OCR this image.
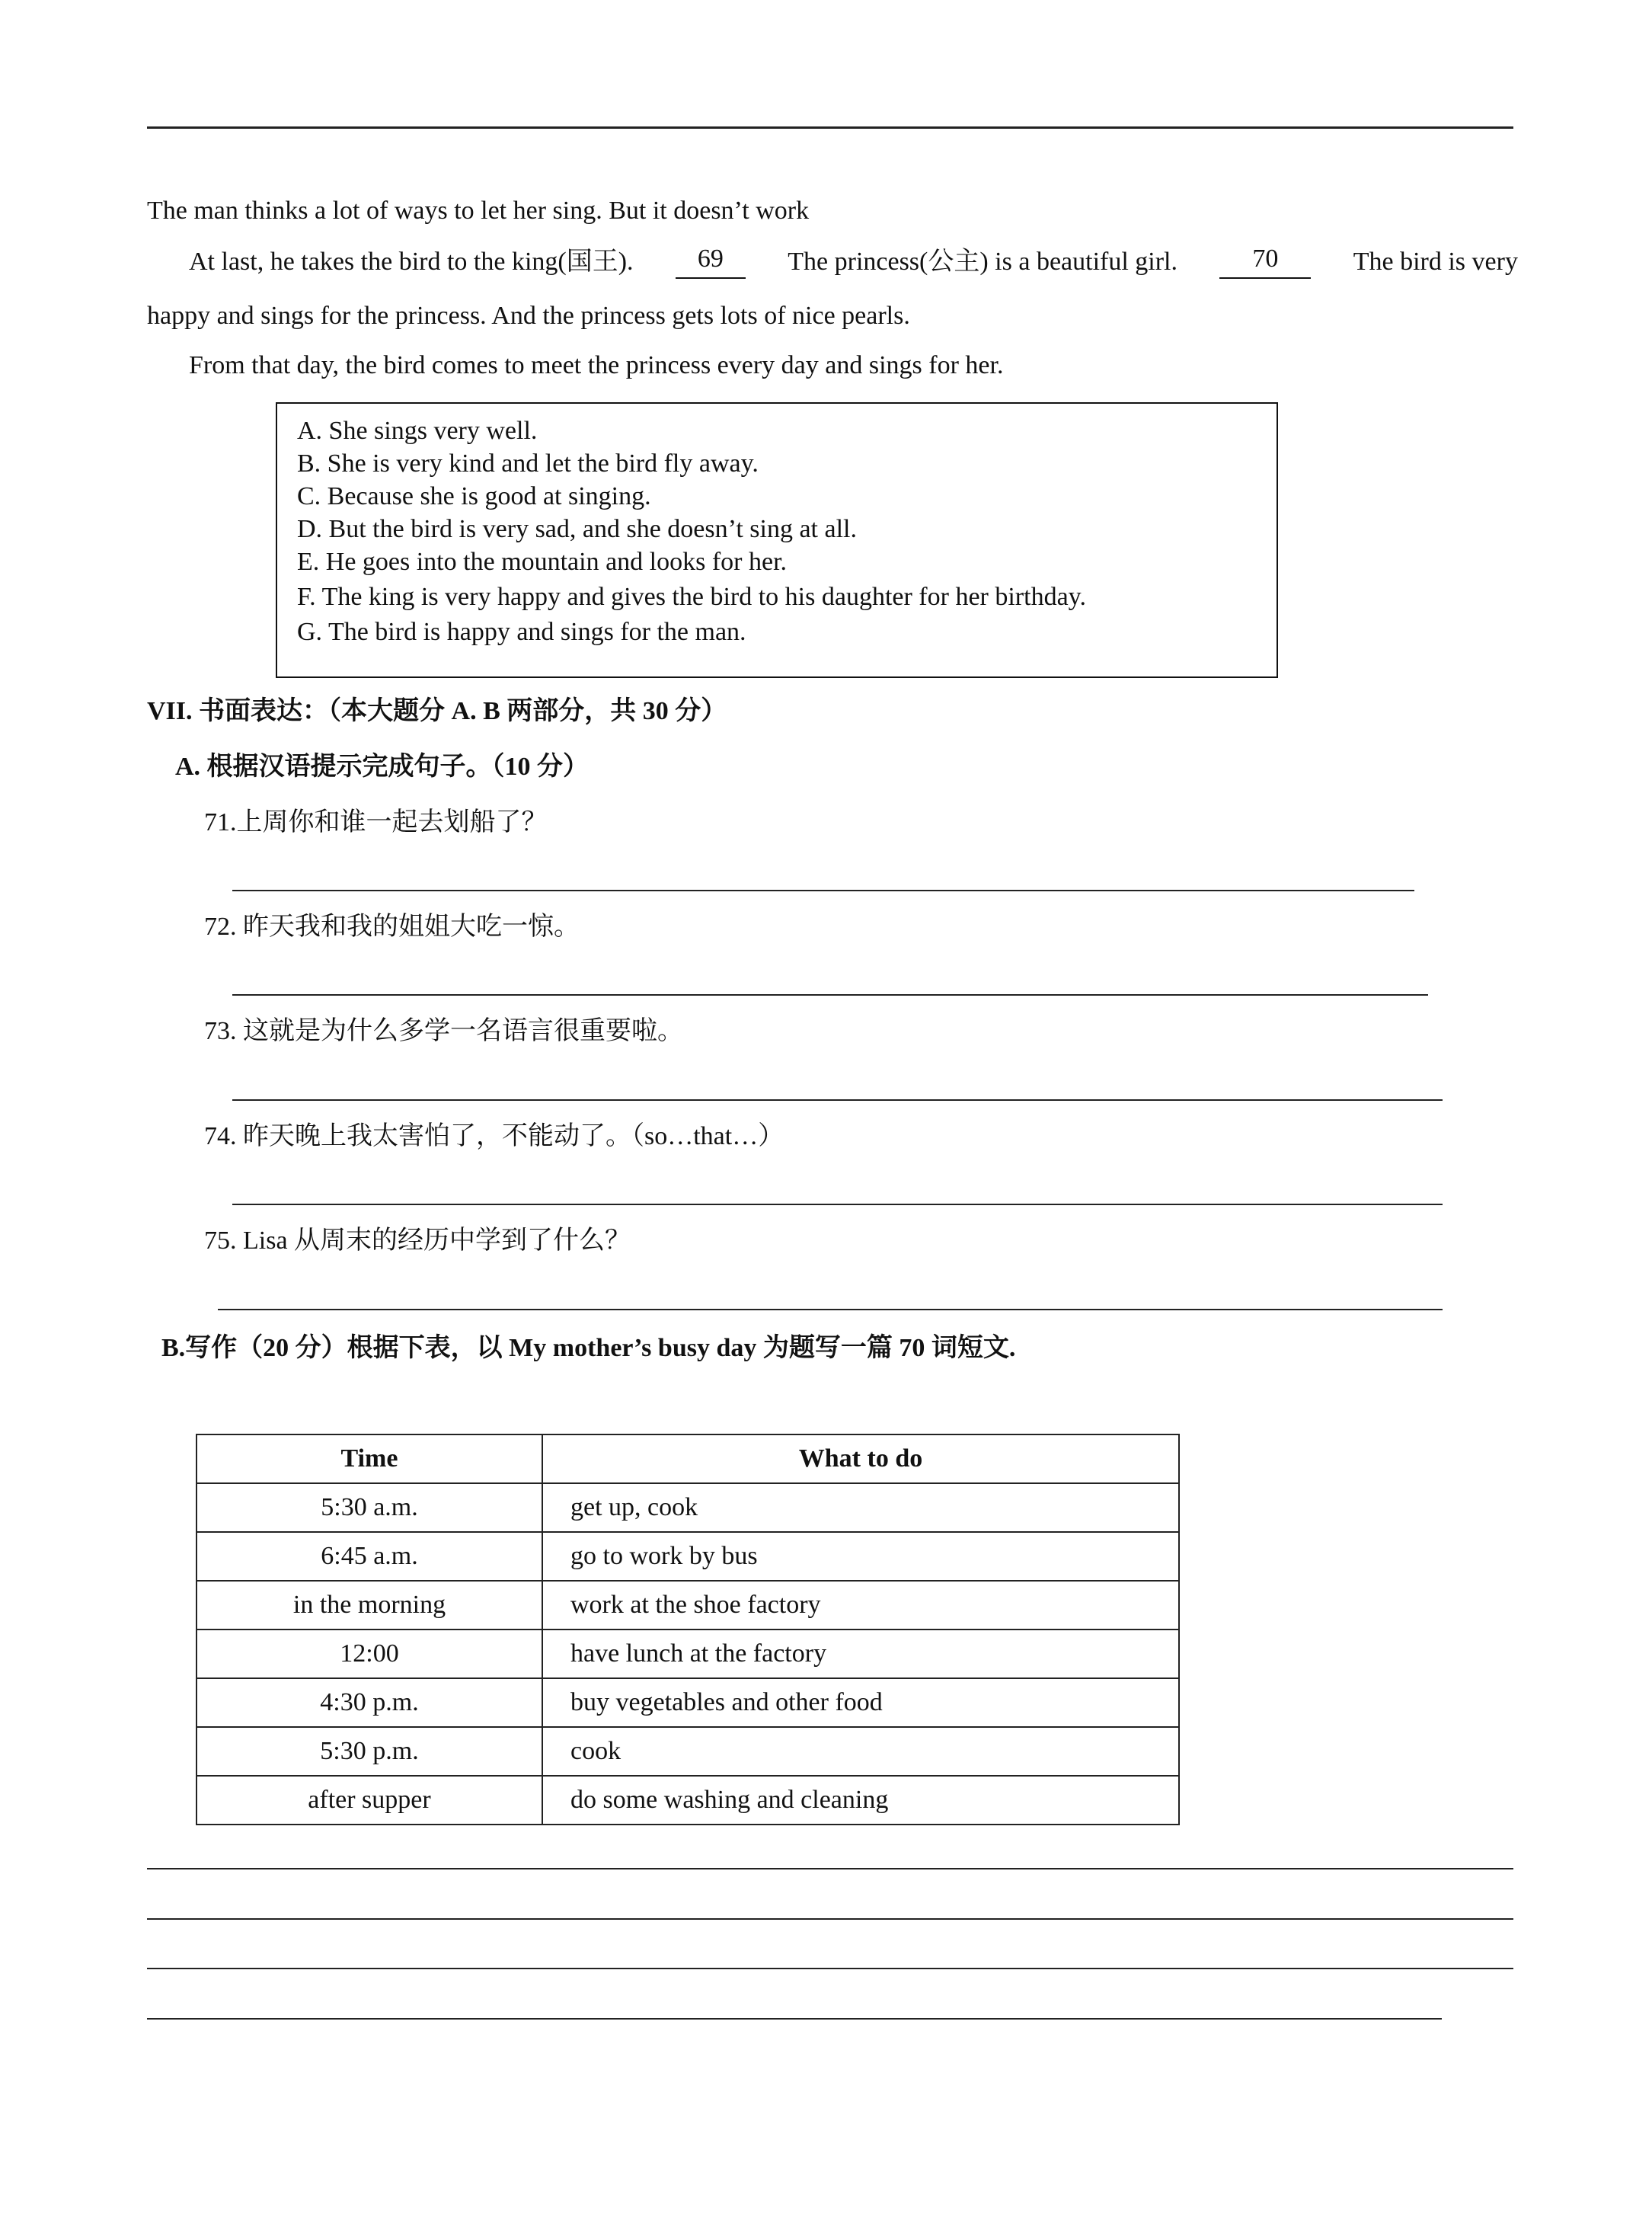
The man thinks a lot of ways to let her sing. But it doesn’t work
At last, he takes the bird to the king(国王).	69	The princess(公主) is a beautiful girl.	70	The bird is very
happy and sings for the princess. And the princess gets lots of nice pearls.
From that day, the bird comes to meet the princess every day and sings for her.
A. She sings very well.
B. She is very kind and let the bird fly away.
C. Because she is good at singing.
D. But the bird is very sad, and she doesn’t sing at all.
E. He goes into the mountain and looks for her.
F. The king is very happy and gives the bird to his daughter for her birthday.
G. The bird is happy and sings for the man.
VII. 书面表达：（本大题分 A. B 两部分，共 30 分）
A. 根据汉语提示完成句子。（10 分）
71.上周你和谁一起去划船了？
72. 昨天我和我的姐姐大吃一惊。
73. 这就是为什么多学一名语言很重要啦。
74. 昨天晚上我太害怕了，不能动了。（so…that…）
75. Lisa 从周末的经历中学到了什么？
B.写作（20 分）根据下表，以 My mother’s busy day 为题写一篇 70 词短文.
Time	What to do
5:30 a.m.	get up, cook
6:45 a.m.	go to work by bus
in the morning	work at the shoe factory
12:00	have lunch at the factory
4:30 p.m.	buy vegetables and other food
5:30 p.m.	cook
after supper	do some washing and cleaning
